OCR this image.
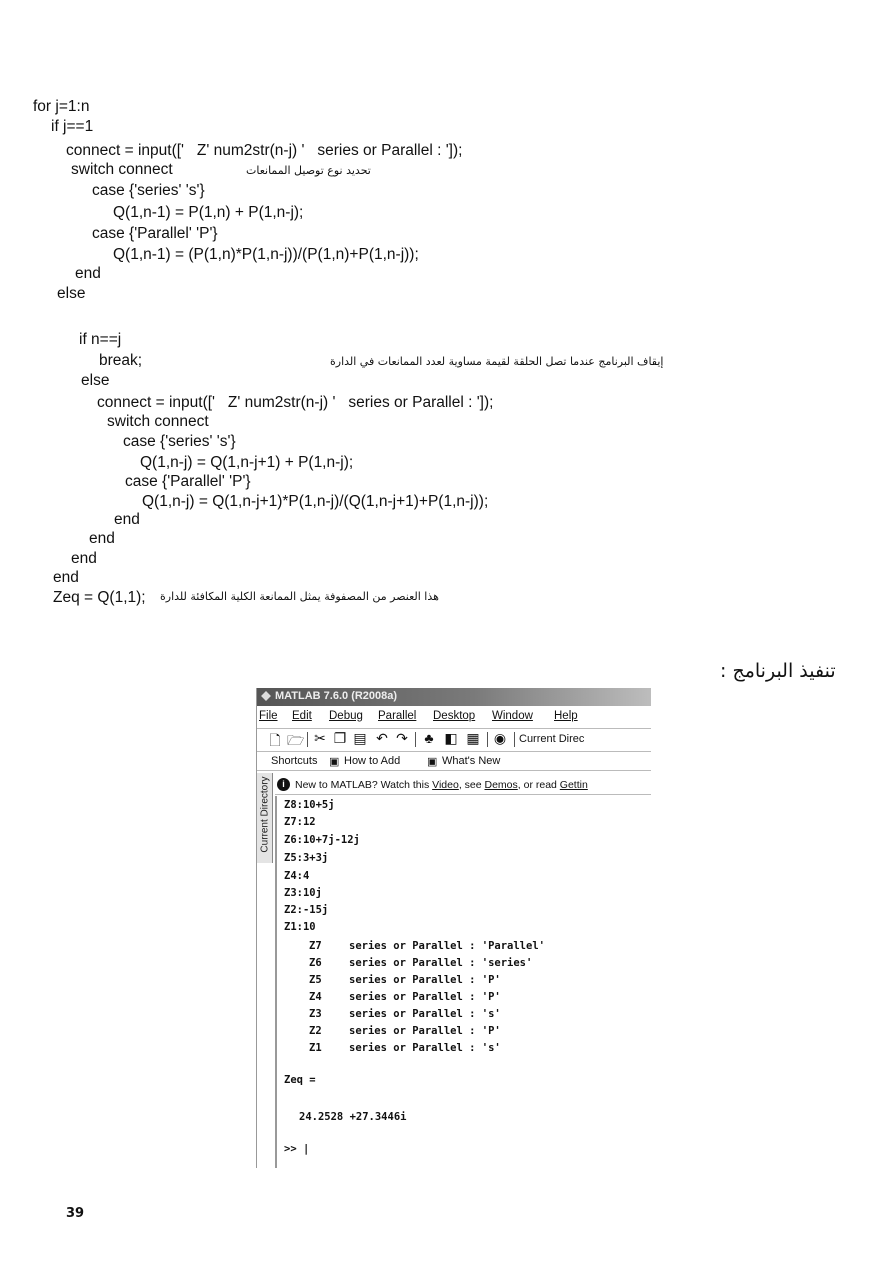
for j=1:n
if j==1
connect = input(['   Z' num2str(n-j) '   series or Parallel : ']);
switch connect	تحديد نوع توصيل الممانعات
case {'series' 's'}
Q(1,n-1) = P(1,n) + P(1,n-j);
case {'Parallel' 'P'}
Q(1,n-1) = (P(1,n)*P(1,n-j))/(P(1,n)+P(1,n-j));
end
else
if n==j
break;	إيقاف البرنامج عندما تصل الحلقة لقيمة مساوية لعدد الممانعات في الدارة
else
connect = input(['   Z' num2str(n-j) '   series or Parallel : ']);
switch connect
case {'series' 's'}
Q(1,n-j) = Q(1,n-j+1) + P(1,n-j);
case {'Parallel' 'P'}
Q(1,n-j) = Q(1,n-j+1)*P(1,n-j)/(Q(1,n-j+1)+P(1,n-j));
end
end
end
end
Zeq = Q(1,1); هذا العنصر من المصفوفة يمثل الممانعة الكلية المكافئة للدارة
تنفيذ البرنامج :
MATLAB 7.6.0 (R2008a)
File Edit Debug Parallel Desktop Window Help
🗋 🗁 ✂ ❐ ▤ ↶ ↷ ♣ ◧ ▦ ◉ Current Direc
Shortcuts ▣ How to Add ▣ What's New
Current Directory	i New to MATLAB? Watch this Video, see Demos, or read Gettin
Z8:10+5j
Z7:12
Z6:10+7j-12j
Z5:3+3j
Z4:4
Z3:10j
Z2:-15j
Z1:10
Z7	series or Parallel : 'Parallel'
Z6	series or Parallel : 'series'
Z5	series or Parallel : 'P'
Z4	series or Parallel : 'P'
Z3	series or Parallel : 's'
Z2	series or Parallel : 'P'
Z1	series or Parallel : 's'
Zeq =
24.2528 +27.3446i
>> |
39
